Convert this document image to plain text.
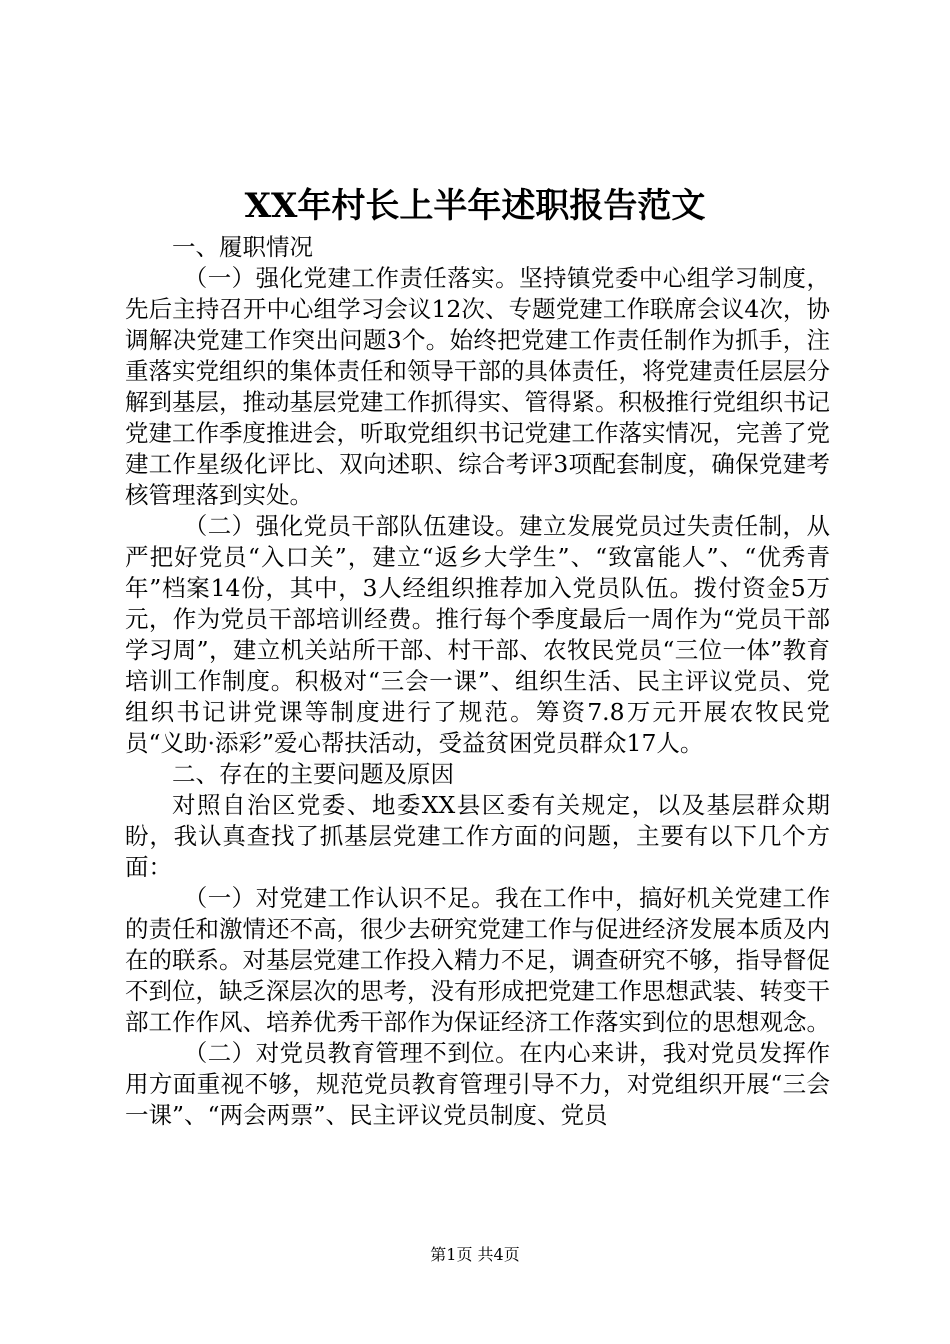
XX年村长上半年述职报告范文

一、履职情况

（一）强化党建工作责任落实。坚持镇党委中心组学习制度，先后主持召开中心组学习会议12次、专题党建工作联席会议4次，协调解决党建工作突出问题3个。始终把党建工作责任制作为抓手，注重落实党组织的集体责任和领导干部的具体责任，将党建责任层层分解到基层，推动基层党建工作抓得实、管得紧。积极推行党组织书记党建工作季度推进会，听取党组织书记党建工作落实情况，完善了党建工作星级化评比、双向述职、综合考评3项配套制度，确保党建考核管理落到实处。

（二）强化党员干部队伍建设。建立发展党员过失责任制，从严把好党员“入口关”，建立“返乡大学生”、“致富能人”、“优秀青年”档案14份，其中，3人经组织推荐加入党员队伍。拨付资金5万元，作为党员干部培训经费。推行每个季度最后一周作为“党员干部学习周”，建立机关站所干部、村干部、农牧民党员“三位一体”教育培训工作制度。积极对“三会一课”、组织生活、民主评议党员、党组织书记讲党课等制度进行了规范。筹资7.8万元开展农牧民党员“义助·添彩”爱心帮扶活动，受益贫困党员群众17人。

二、存在的主要问题及原因

对照自治区党委、地委XX县区委有关规定，以及基层群众期盼，我认真查找了抓基层党建工作方面的问题，主要有以下几个方面：

（一）对党建工作认识不足。我在工作中，搞好机关党建工作的责任和激情还不高，很少去研究党建工作与促进经济发展本质及内在的联系。对基层党建工作投入精力不足，调查研究不够，指导督促不到位，缺乏深层次的思考，没有形成把党建工作思想武装、转变干部工作作风、培养优秀干部作为保证经济工作落实到位的思想观念。

（二）对党员教育管理不到位。在内心来讲，我对党员发挥作用方面重视不够，规范党员教育管理引导不力，对党组织开展“三会一课”、“两会两票”、民主评议党员制度、党员

第1页 共4页
